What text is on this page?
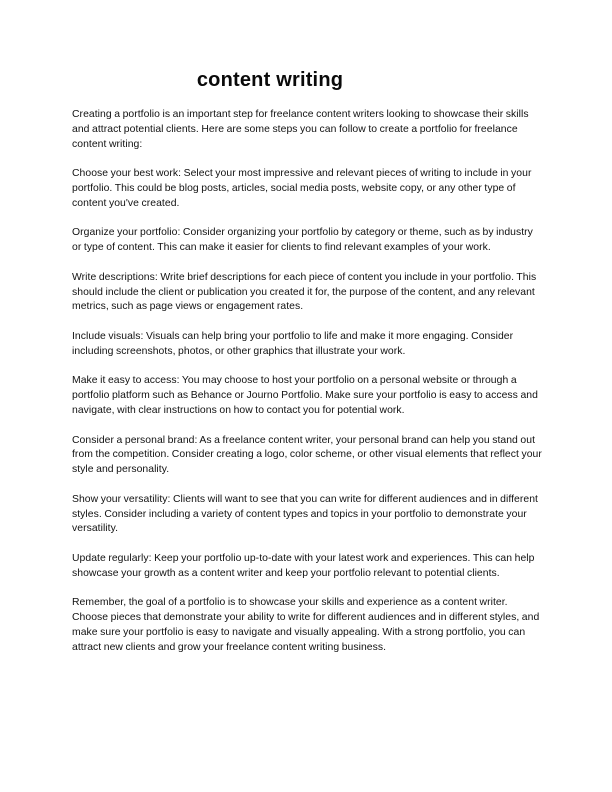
content writing

Creating a portfolio is an important step for freelance content writers looking to showcase their skills and attract potential clients. Here are some steps you can follow to create a portfolio for freelance content writing:

Choose your best work: Select your most impressive and relevant pieces of writing to include in your portfolio. This could be blog posts, articles, social media posts, website copy, or any other type of content you've created.

Organize your portfolio: Consider organizing your portfolio by category or theme, such as by industry or type of content. This can make it easier for clients to find relevant examples of your work.

Write descriptions: Write brief descriptions for each piece of content you include in your portfolio. This should include the client or publication you created it for, the purpose of the content, and any relevant metrics, such as page views or engagement rates.

Include visuals: Visuals can help bring your portfolio to life and make it more engaging. Consider including screenshots, photos, or other graphics that illustrate your work.

Make it easy to access: You may choose to host your portfolio on a personal website or through a portfolio platform such as Behance or Journo Portfolio. Make sure your portfolio is easy to access and navigate, with clear instructions on how to contact you for potential work.

Consider a personal brand: As a freelance content writer, your personal brand can help you stand out from the competition. Consider creating a logo, color scheme, or other visual elements that reflect your style and personality.

Show your versatility: Clients will want to see that you can write for different audiences and in different styles. Consider including a variety of content types and topics in your portfolio to demonstrate your versatility.

Update regularly: Keep your portfolio up-to-date with your latest work and experiences. This can help showcase your growth as a content writer and keep your portfolio relevant to potential clients.

Remember, the goal of a portfolio is to showcase your skills and experience as a content writer. Choose pieces that demonstrate your ability to write for different audiences and in different styles, and make sure your portfolio is easy to navigate and visually appealing. With a strong portfolio, you can attract new clients and grow your freelance content writing business.
